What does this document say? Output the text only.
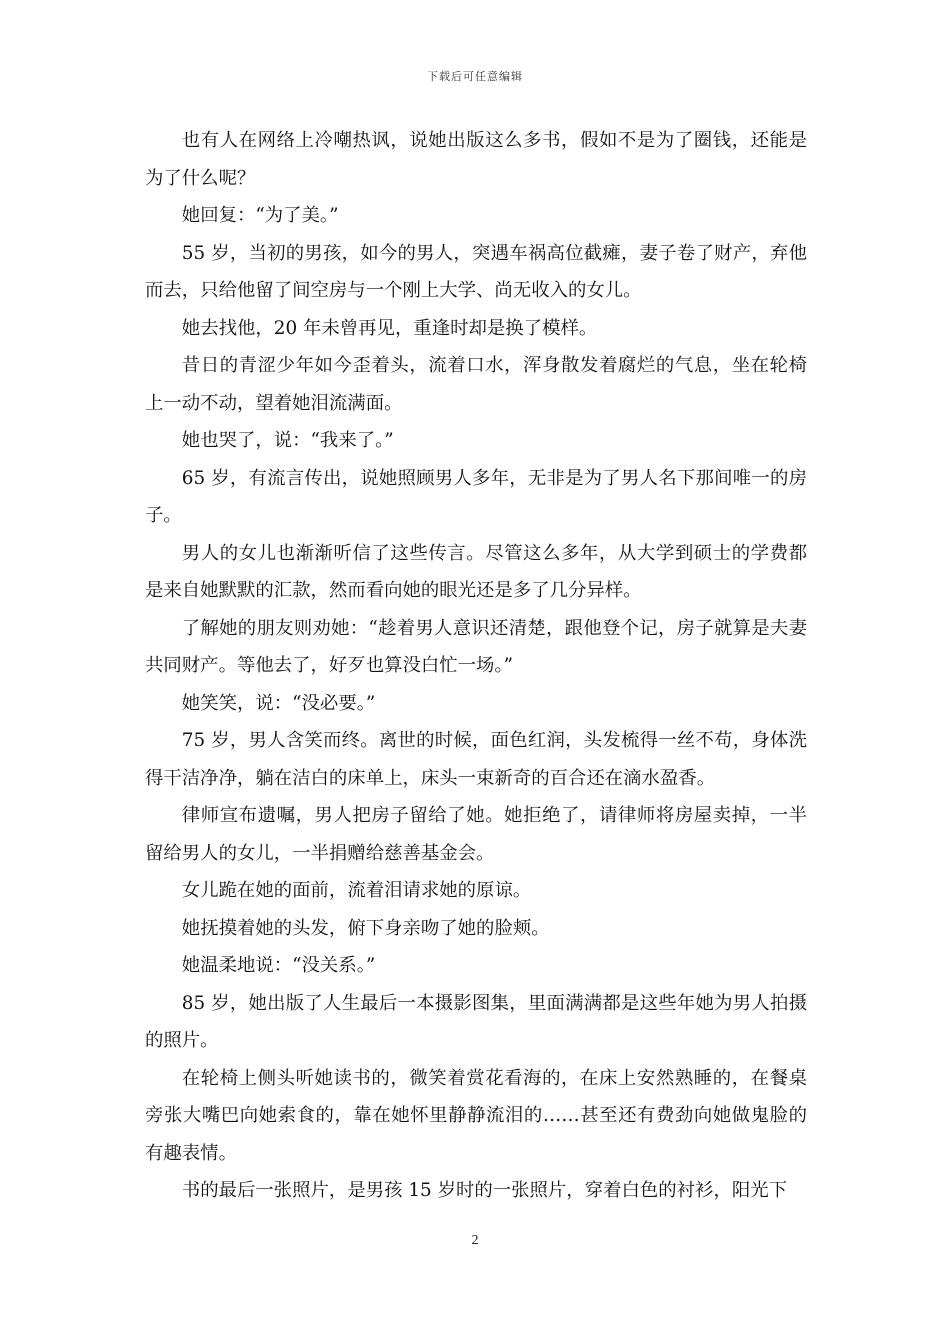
下载后可任意编辑

也有人在网络上冷嘲热讽，说她出版这么多书，假如不是为了圈钱，还能是为了什么呢？

她回复：“为了美。”

55 岁，当初的男孩，如今的男人，突遇车祸高位截瘫，妻子卷了财产，弃他而去，只给他留了间空房与一个刚上大学、尚无收入的女儿。

她去找他，20 年未曾再见，重逢时却是换了模样。

昔日的青涩少年如今歪着头，流着口水，浑身散发着腐烂的气息，坐在轮椅上一动不动，望着她泪流满面。

她也哭了，说：“我来了。”

65 岁，有流言传出，说她照顾男人多年，无非是为了男人名下那间唯一的房子。

男人的女儿也渐渐听信了这些传言。尽管这么多年，从大学到硕士的学费都是来自她默默的汇款，然而看向她的眼光还是多了几分异样。

了解她的朋友则劝她：“趁着男人意识还清楚，跟他登个记，房子就算是夫妻共同财产。等他去了，好歹也算没白忙一场。”

她笑笑，说：“没必要。”

75 岁，男人含笑而终。离世的时候，面色红润，头发梳得一丝不苟，身体洗得干洁净净，躺在洁白的床单上，床头一束新奇的百合还在滴水盈香。

律师宣布遗嘱，男人把房子留给了她。她拒绝了，请律师将房屋卖掉，一半留给男人的女儿，一半捐赠给慈善基金会。

女儿跪在她的面前，流着泪请求她的原谅。

她抚摸着她的头发，俯下身亲吻了她的脸颊。

她温柔地说：“没关系。”

85 岁，她出版了人生最后一本摄影图集，里面满满都是这些年她为男人拍摄的照片。

在轮椅上侧头听她读书的，微笑着赏花看海的，在床上安然熟睡的，在餐桌旁张大嘴巴向她索食的，靠在她怀里静静流泪的……甚至还有费劲向她做鬼脸的有趣表情。

书的最后一张照片，是男孩 15 岁时的一张照片，穿着白色的衬衫，阳光下

2
